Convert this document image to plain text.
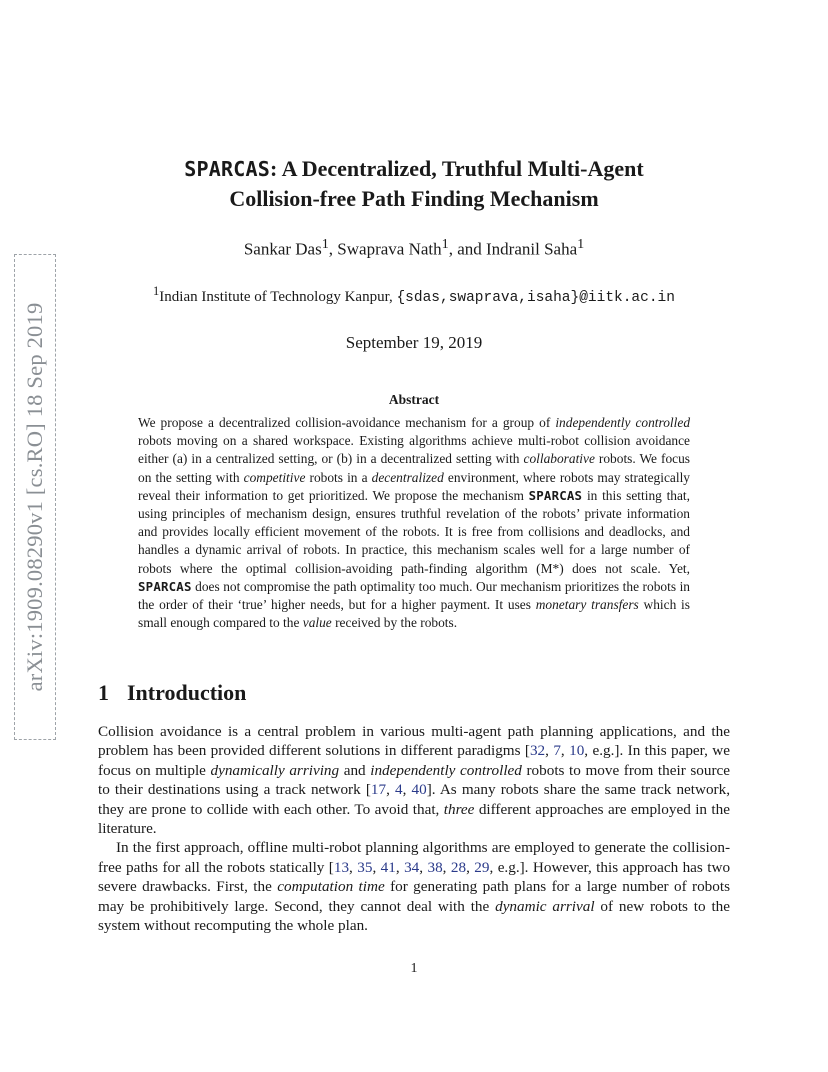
arXiv:1909.08290v1 [cs.RO] 18 Sep 2019
SPARCAS: A Decentralized, Truthful Multi-Agent
Collision-free Path Finding Mechanism
Sankar Das$^1$, Swaprava Nath$^1$, and Indranil Saha$^1$
$^1$Indian Institute of Technology Kanpur, {sdas,swaprava,isaha}@iitk.ac.in
September 19, 2019
Abstract

We propose a decentralized collision-avoidance mechanism for a group of independently controlled robots moving on a shared workspace. Existing algorithms achieve multi-robot collision avoidance either (a) in a centralized setting, or (b) in a decentralized setting with collaborative robots. We focus on the setting with competitive robots in a decentralized environment, where robots may strategically reveal their information to get prioritized. We propose the mechanism SPARCAS in this setting that, using principles of mechanism design, ensures truthful revelation of the robots’ private information and provides locally efficient movement of the robots. It is free from collisions and deadlocks, and handles a dynamic arrival of robots. In practice, this mechanism scales well for a large number of robots where the optimal collision-avoiding path-finding algorithm (M*) does not scale. Yet, SPARCAS does not compromise the path optimality too much. Our mechanism prioritizes the robots in the order of their ‘true’ higher needs, but for a higher payment. It uses monetary transfers which is small enough compared to the value received by the robots.

1 Introduction

Collision avoidance is a central problem in various multi-agent path planning applications, and the problem has been provided different solutions in different paradigms [32, 7, 10, e.g.]. In this paper, we focus on multiple dynamically arriving and independently controlled robots to move from their source to their destinations using a track network [17, 4, 40]. As many robots share the same track network, they are prone to collide with each other. To avoid that, three different approaches are employed in the literature.

In the first approach, offline multi-robot planning algorithms are employed to generate the collision-free paths for all the robots statically [13, 35, 41, 34, 38, 28, 29, e.g.]. However, this approach has two severe drawbacks. First, the computation time for generating path plans for a large number of robots may be prohibitively large. Second, they cannot deal with the dynamic arrival of new robots to the system without recomputing the whole plan.

1
